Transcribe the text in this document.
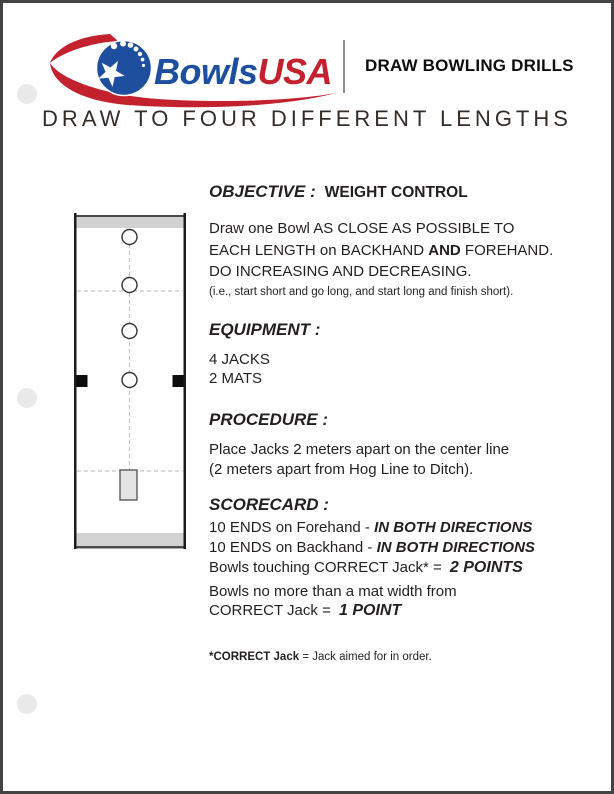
BowlsUSA DRAW BOWLING DRILLS
DRAW TO FOUR DIFFERENT LENGTHS
OBJECTIVE : WEIGHT CONTROL
Draw one Bowl AS CLOSE AS POSSIBLE TO
EACH LENGTH on BACKHAND AND FOREHAND.
DO INCREASING AND DECREASING.
(i.e., start short and go long, and start long and finish short).
EQUIPMENT :
4 JACKS
2 MATS
PROCEDURE :
Place Jacks 2 meters apart on the center line
(2 meters apart from Hog Line to Ditch).
SCORECARD :
10 ENDS on Forehand - IN BOTH DIRECTIONS
10 ENDS on Backhand - IN BOTH DIRECTIONS
Bowls touching CORRECT Jack* = 2 POINTS
Bowls no more than a mat width from
CORRECT Jack = 1 POINT
*CORRECT Jack = Jack aimed for in order.
